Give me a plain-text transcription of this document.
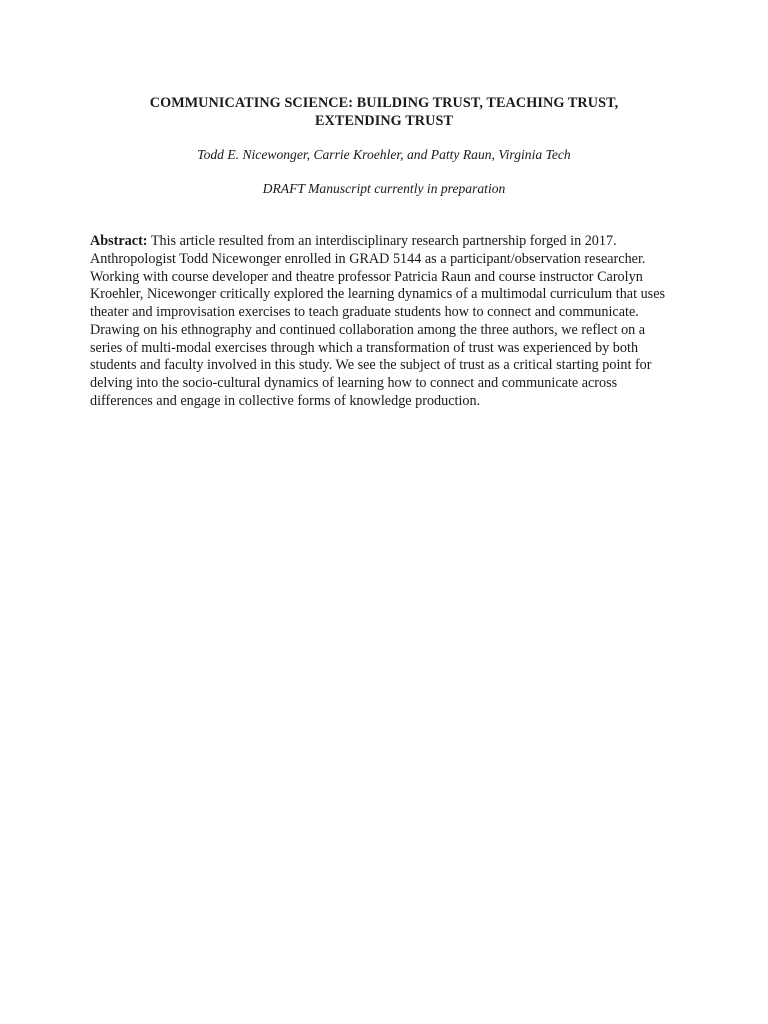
COMMUNICATING SCIENCE: BUILDING TRUST, TEACHING TRUST,
EXTENDING TRUST

Todd E. Nicewonger, Carrie Kroehler, and Patty Raun, Virginia Tech

DRAFT Manuscript currently in preparation

Abstract: This article resulted from an interdisciplinary research partnership forged in 2017. Anthropologist Todd Nicewonger enrolled in GRAD 5144 as a participant/observation researcher. Working with course developer and theatre professor Patricia Raun and course instructor Carolyn Kroehler, Nicewonger critically explored the learning dynamics of a multimodal curriculum that uses theater and improvisation exercises to teach graduate students how to connect and communicate. Drawing on his ethnography and continued collaboration among the three authors, we reflect on a series of multi-modal exercises through which a transformation of trust was experienced by both students and faculty involved in this study. We see the subject of trust as a critical starting point for delving into the socio-cultural dynamics of learning how to connect and communicate across differences and engage in collective forms of knowledge production.
